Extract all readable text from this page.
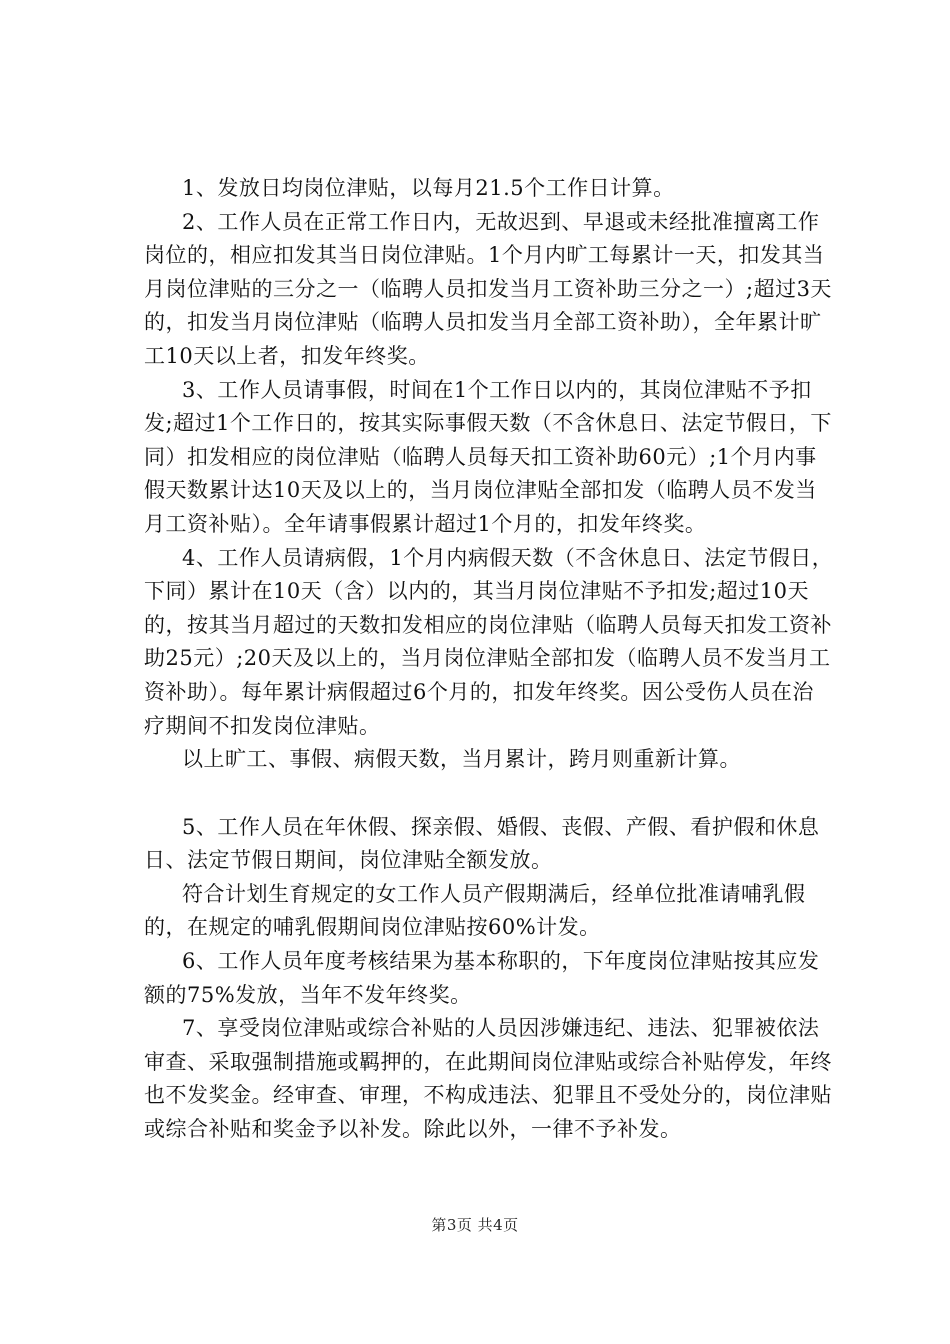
1、发放日均岗位津贴，以每月21.5个工作日计算。

2、工作人员在正常工作日内，无故迟到、早退或未经批准擅离工作岗位的，相应扣发其当日岗位津贴。1个月内旷工每累计一天，扣发其当月岗位津贴的三分之一（临聘人员扣发当月工资补助三分之一）;超过3天的，扣发当月岗位津贴（临聘人员扣发当月全部工资补助），全年累计旷工10天以上者，扣发年终奖。

3、工作人员请事假，时间在1个工作日以内的，其岗位津贴不予扣发;超过1个工作日的，按其实际事假天数（不含休息日、法定节假日，下同）扣发相应的岗位津贴（临聘人员每天扣工资补助60元）;1个月内事假天数累计达10天及以上的，当月岗位津贴全部扣发（临聘人员不发当月工资补贴）。全年请事假累计超过1个月的，扣发年终奖。

4、工作人员请病假，1个月内病假天数（不含休息日、法定节假日，下同）累计在10天（含）以内的，其当月岗位津贴不予扣发;超过10天的，按其当月超过的天数扣发相应的岗位津贴（临聘人员每天扣发工资补助25元）;20天及以上的，当月岗位津贴全部扣发（临聘人员不发当月工资补助）。每年累计病假超过6个月的，扣发年终奖。因公受伤人员在治疗期间不扣发岗位津贴。

以上旷工、事假、病假天数，当月累计，跨月则重新计算。

5、工作人员在年休假、探亲假、婚假、丧假、产假、看护假和休息日、法定节假日期间，岗位津贴全额发放。

符合计划生育规定的女工作人员产假期满后，经单位批准请哺乳假的，在规定的哺乳假期间岗位津贴按60%计发。

6、工作人员年度考核结果为基本称职的，下年度岗位津贴按其应发额的75%发放，当年不发年终奖。

7、享受岗位津贴或综合补贴的人员因涉嫌违纪、违法、犯罪被依法审查、采取强制措施或羁押的，在此期间岗位津贴或综合补贴停发，年终也不发奖金。经审查、审理，不构成违法、犯罪且不受处分的，岗位津贴或综合补贴和奖金予以补发。除此以外，一律不予补发。

第3页 共4页
